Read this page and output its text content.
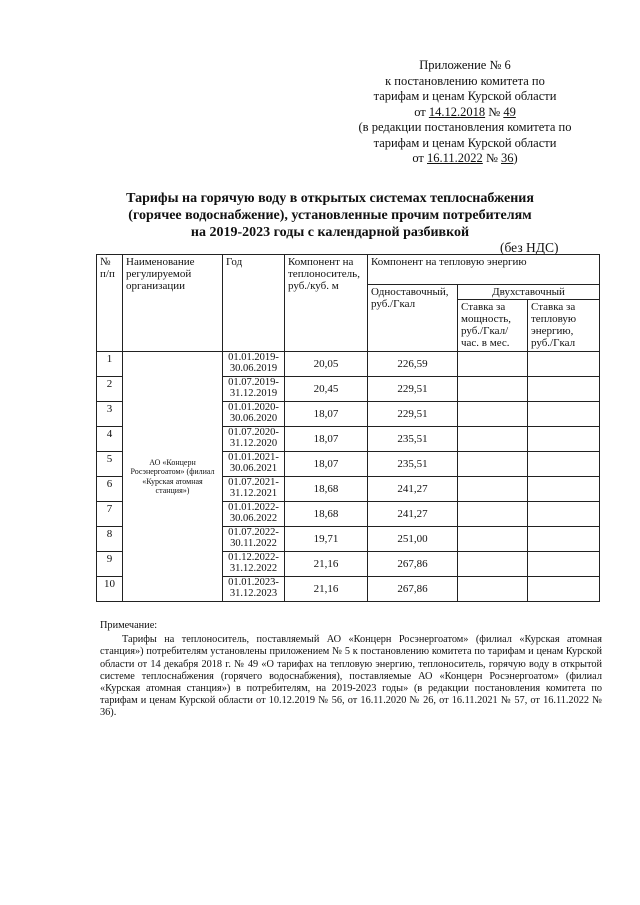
Приложение № 6
к постановлению комитета по
тарифам и ценам Курской области
от 14.12.2018 № 49
(в редакции постановления комитета по
тарифам и ценам Курской области
от 16.11.2022 № 36)
Тарифы на горячую воду в открытых системах теплоснабжения
(горячее водоснабжение), установленные прочим потребителям
на 2019-2023 годы с календарной разбивкой
(без НДС)
№ п/п	Наименование регулируемой организации	Год	Компонент на теплоноситель, руб./куб. м	Компонент на тепловую энергию		
				Одноставочный, руб./Гкал	Двухставочный	
					Ставка за мощность, руб./Гкал/час. в мес.	Ставка за тепловую энергию, руб./Гкал
1	АО «Концерн Росэнергоатом» (филиал «Курская атомная станция»)	01.01.2019-30.06.2019	20,05	226,59		
2		01.07.2019-31.12.2019	20,45	229,51		
3		01.01.2020-30.06.2020	18,07	229,51		
4		01.07.2020-31.12.2020	18,07	235,51		
5		01.01.2021-30.06.2021	18,07	235,51		
6		01.07.2021-31.12.2021	18,68	241,27		
7		01.01.2022-30.06.2022	18,68	241,27		
8		01.07.2022-30.11.2022	19,71	251,00		
9		01.12.2022-31.12.2022	21,16	267,86		
10		01.01.2023-31.12.2023	21,16	267,86		
Примечание:

Тарифы на теплоноситель, поставляемый АО «Концерн Росэнергоатом» (филиал «Курская атомная станция») потребителям установлены приложением № 5 к постановлению комитета по тарифам и ценам Курской области от 14 декабря 2018 г. № 49 «О тарифах на тепловую энергию, теплоноситель, горячую воду в открытой системе теплоснабжения (горячего водоснабжения), поставляемые АО «Концерн Росэнергоатом» (филиал «Курская атомная станция») в потребителям, на 2019-2023 годы» (в редакции постановления комитета по тарифам и ценам Курской области от 10.12.2019 № 56, от 16.11.2020 № 26, от 16.11.2021 № 57, от 16.11.2022 № 36).
